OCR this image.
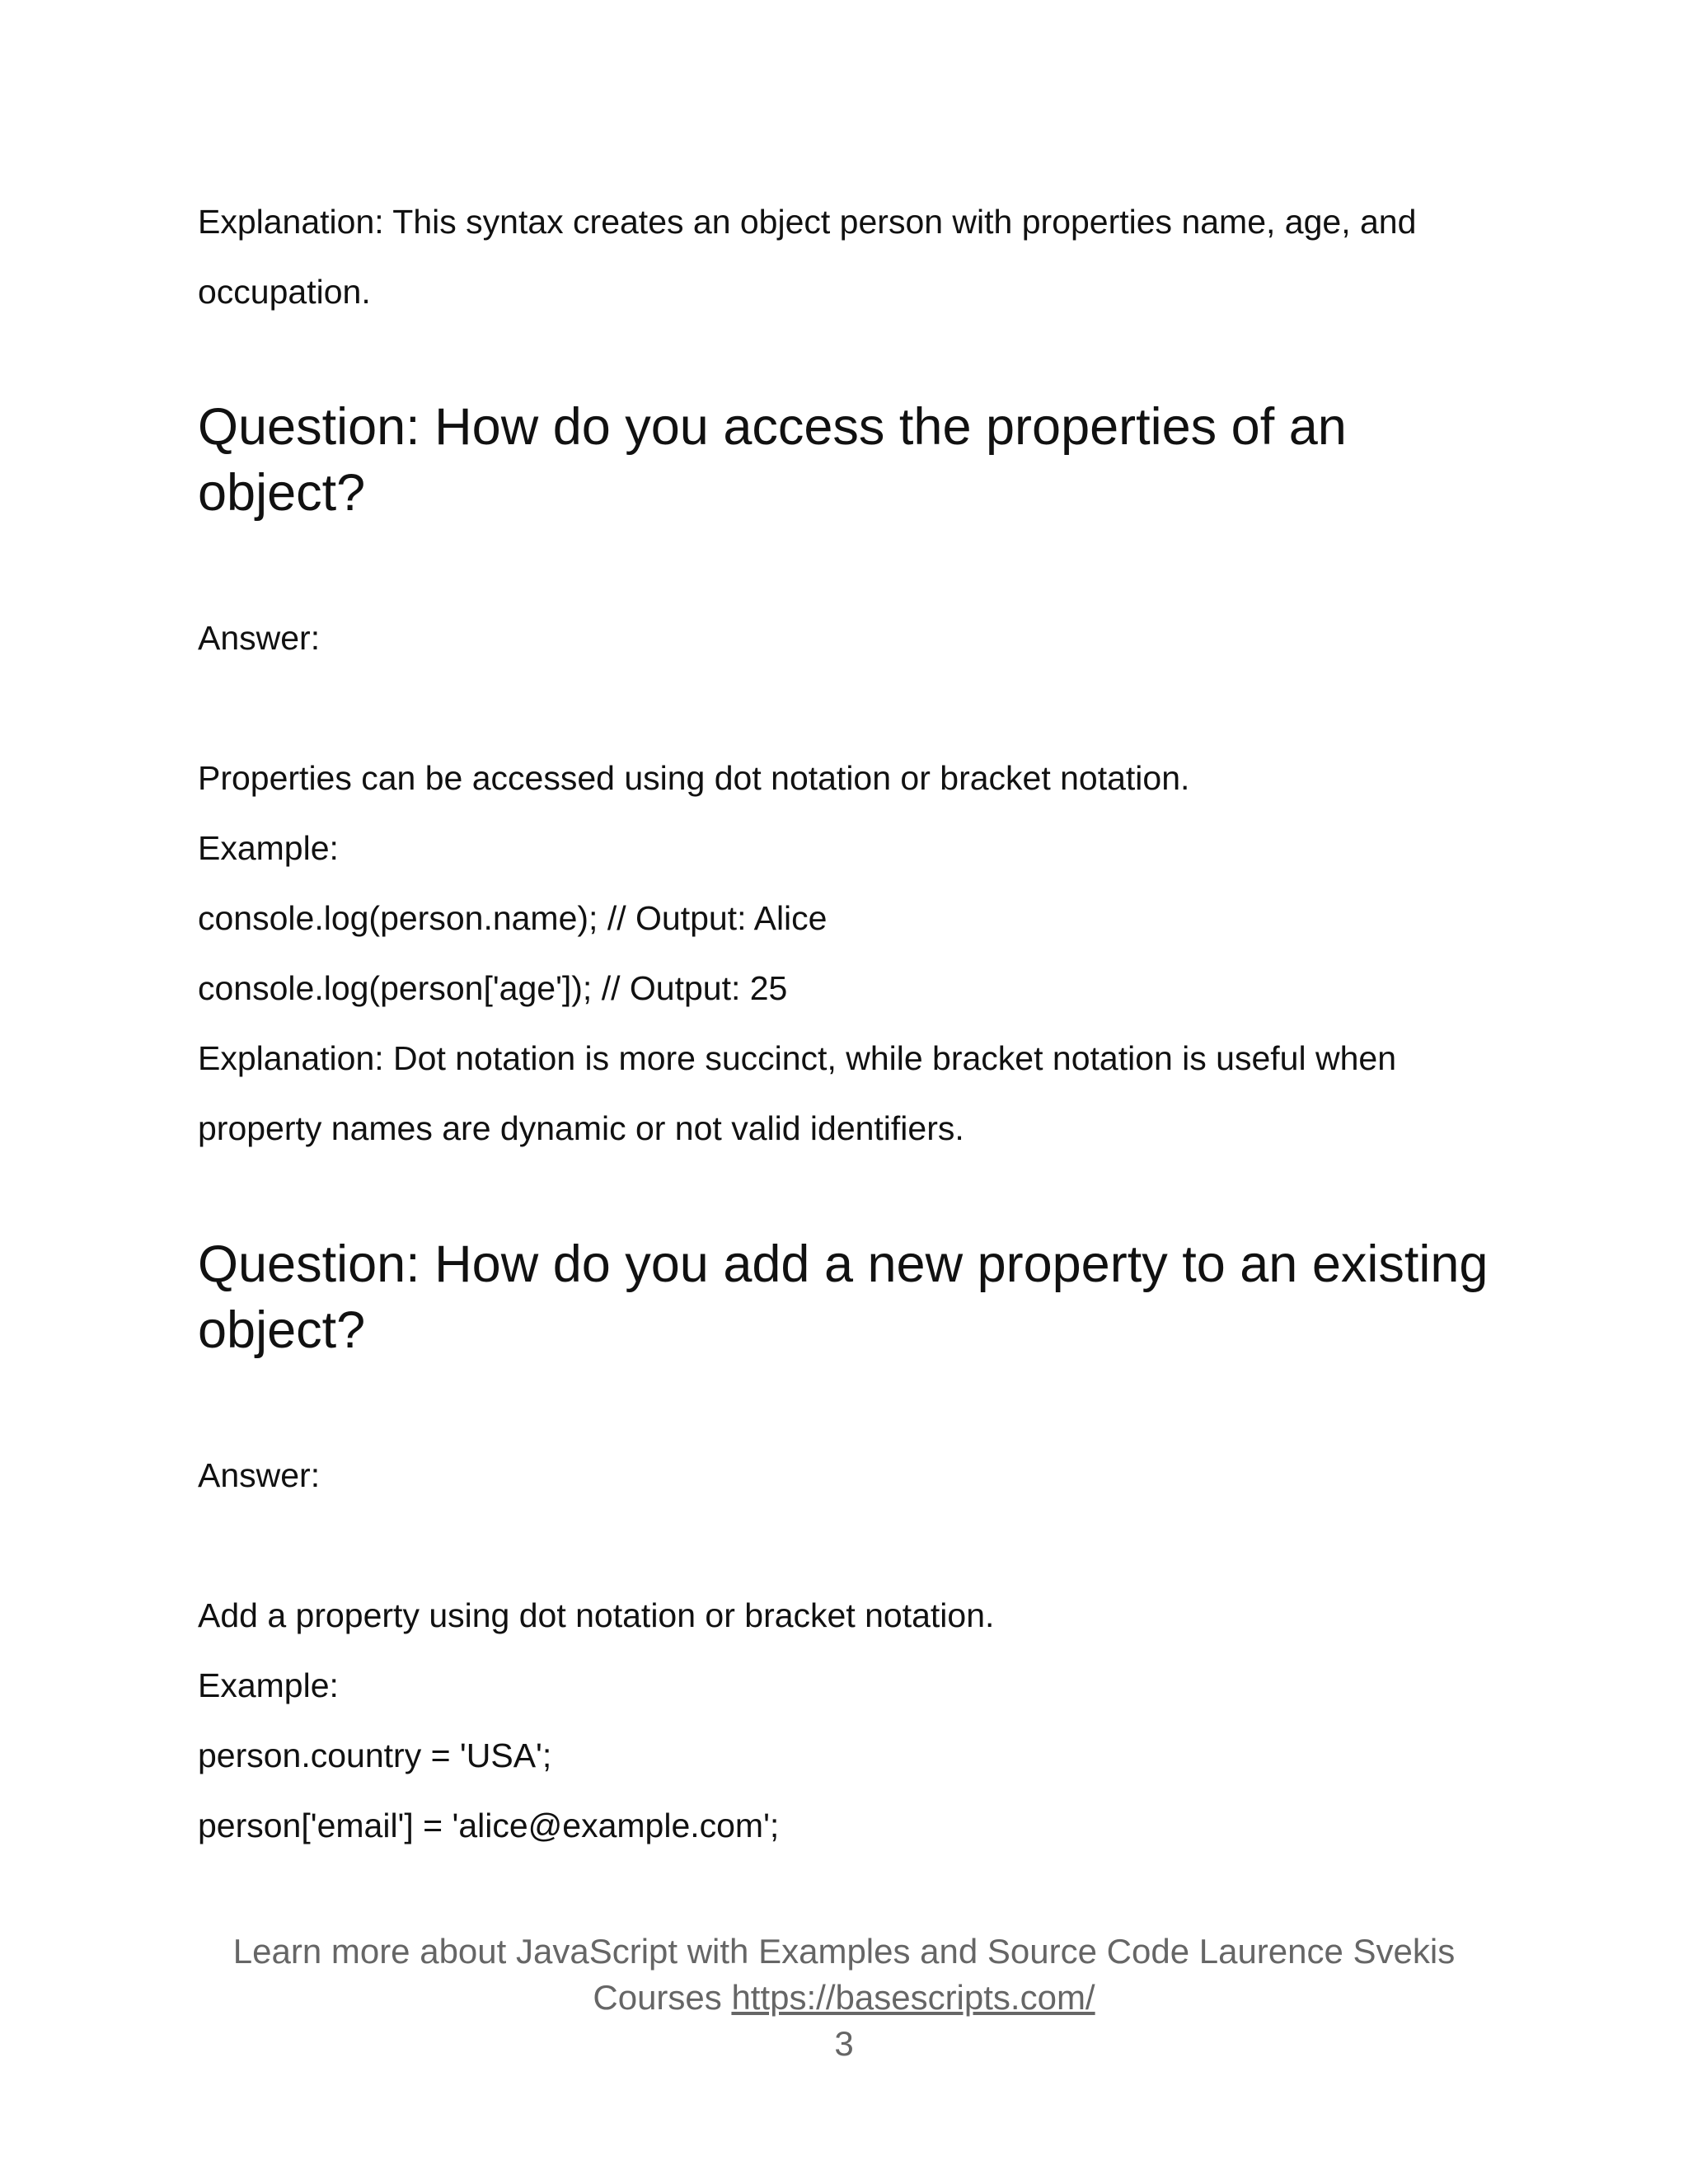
Explanation: This syntax creates an object person with properties name, age, and
occupation.
Question: How do you access the properties of an
object?
Answer:
Properties can be accessed using dot notation or bracket notation.
Example:
console.log(person.name); // Output: Alice
console.log(person['age']); // Output: 25
Explanation: Dot notation is more succinct, while bracket notation is useful when
property names are dynamic or not valid identifiers.
Question: How do you add a new property to an existing
object?
Answer:
Add a property using dot notation or bracket notation.
Example:
person.country = 'USA';
person['email'] = 'alice@example.com';
Learn more about JavaScript with Examples and Source Code Laurence Svekis
Courses https://basescripts.com/
3
